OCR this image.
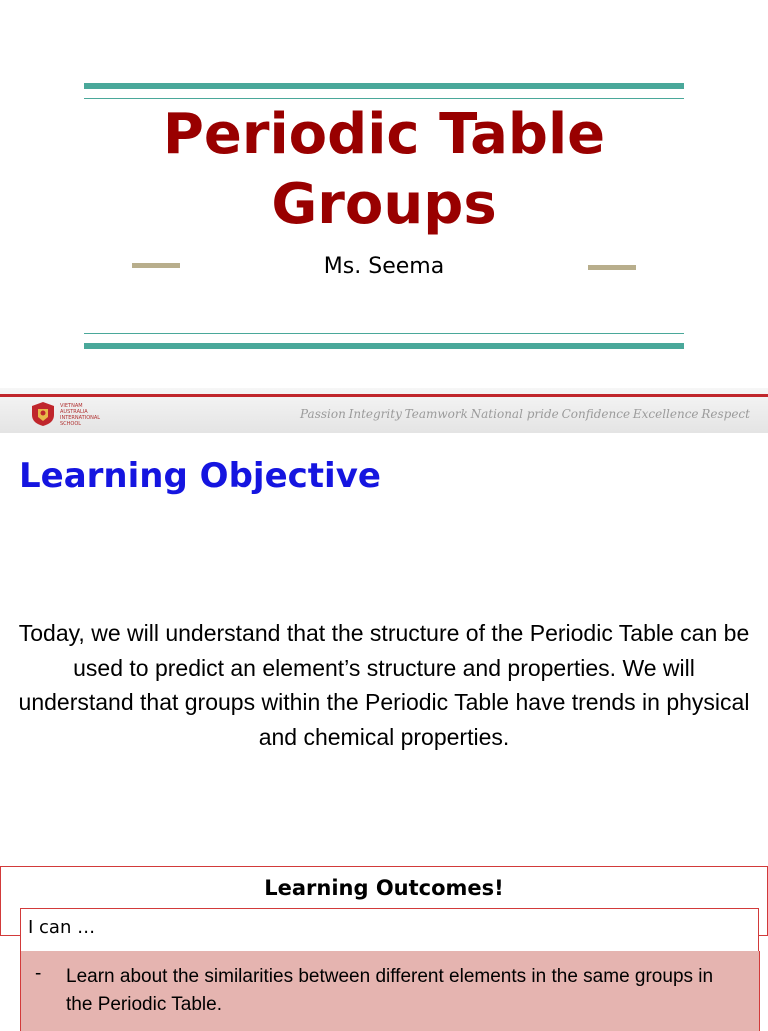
Periodic Table
Groups
Ms. Seema
VIETNAM AUSTRALIA INTERNATIONAL SCHOOL
Passion Integrity Teamwork National pride Confidence Excellence Respect
Learning Objective
Today, we will understand that the structure of the Periodic Table can be used to predict an element’s structure and properties. We will understand that groups within the Periodic Table have trends in physical and chemical properties.
Learning Outcomes!
I can …
- Learn about the similarities between different elements in the same groups in the Periodic Table.
